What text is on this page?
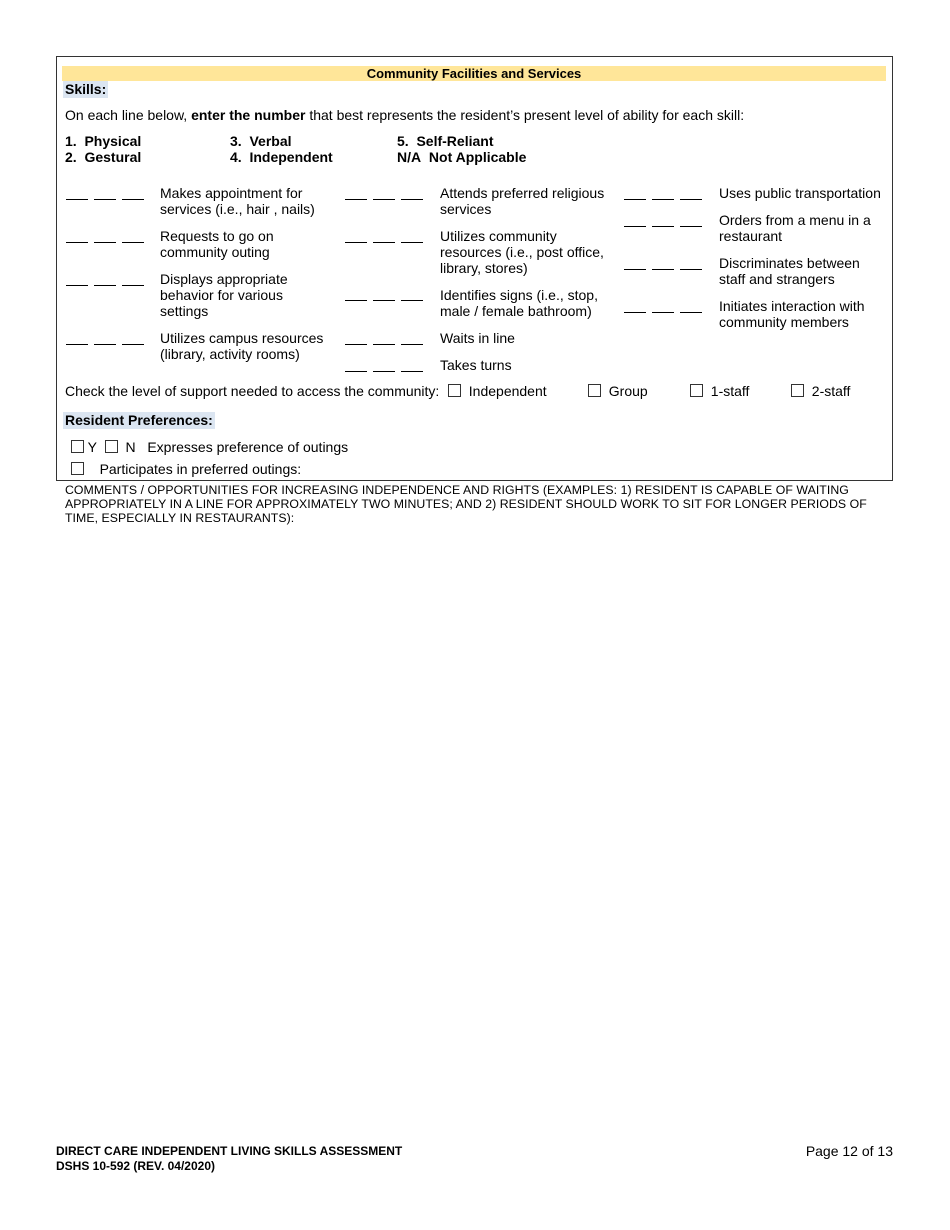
Community Facilities and Services
Skills:
On each line below, enter the number that best represents the resident’s present level of ability for each skill:
1. Physical
2. Gestural
3. Verbal
4. Independent
5. Self-Reliant
N/A Not Applicable
Makes appointment for services (i.e., hair , nails)
Requests to go on community outing
Displays appropriate behavior for various settings
Utilizes campus resources (library, activity rooms)
Attends preferred religious services
Utilizes community resources (i.e., post office, library, stores)
Identifies signs (i.e., stop, male / female bathroom)
Waits in line
Takes turns
Uses public transportation
Orders from a menu in a restaurant
Discriminates between staff and strangers
Initiates interaction with community members
Check the level of support needed to access the community:	Independent	Group	1-staff	2-staff
Resident Preferences:
Y N Expresses preference of outings
Participates in preferred outings:
COMMENTS / OPPORTUNITIES FOR INCREASING INDEPENDENCE AND RIGHTS (EXAMPLES: 1) RESIDENT IS CAPABLE OF WAITING APPROPRIATELY IN A LINE FOR APPROXIMATELY TWO MINUTES; AND 2) RESIDENT SHOULD WORK TO SIT FOR LONGER PERIODS OF TIME, ESPECIALLY IN RESTAURANTS):
DIRECT CARE INDEPENDENT LIVING SKILLS ASSESSMENT
DSHS 10-592 (REV. 04/2020)
Page 12 of 13
